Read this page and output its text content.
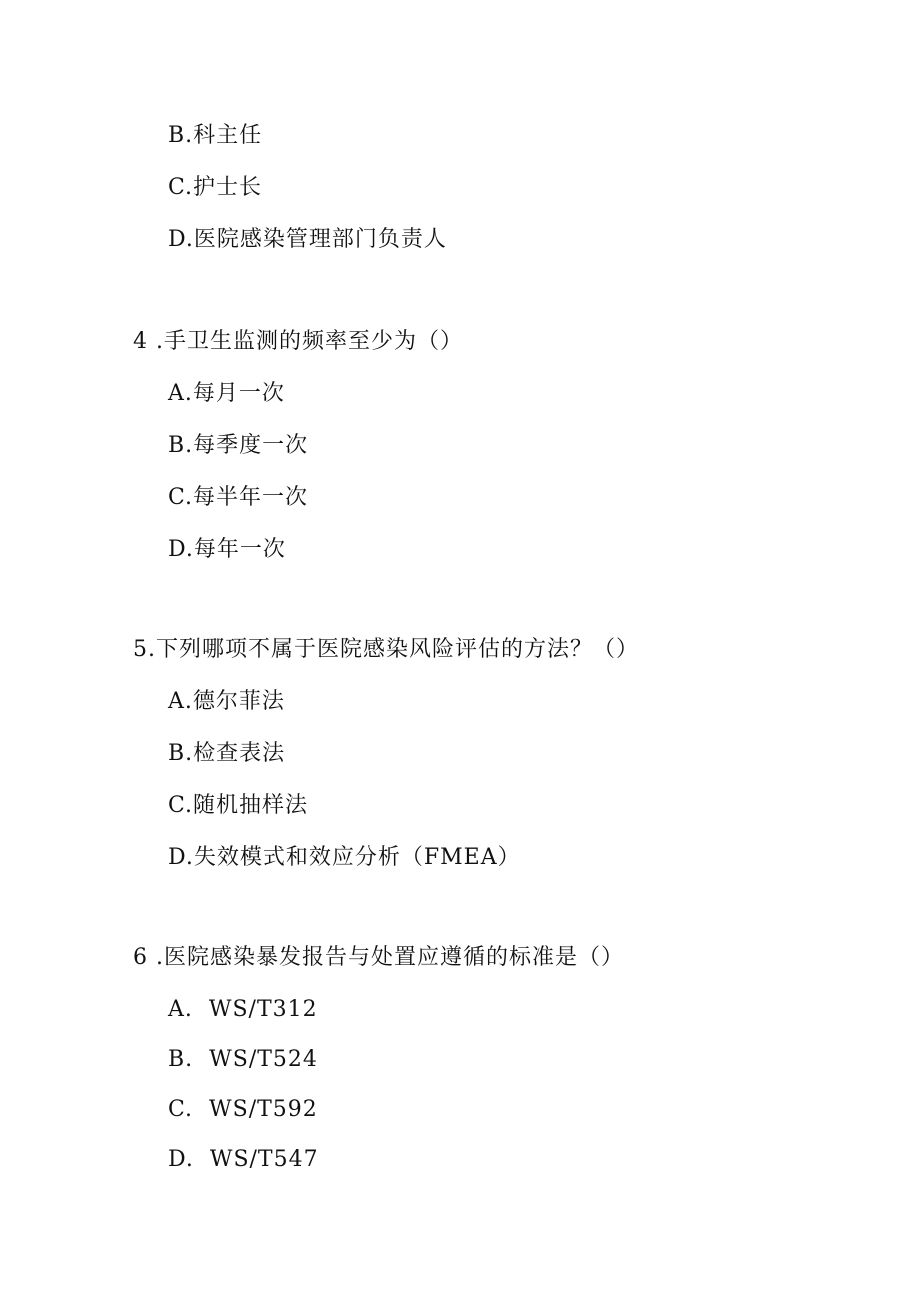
B.科主任
C.护士长
D.医院感染管理部门负责人
4 .手卫生监测的频率至少为（）
A.每月一次
B.每季度一次
C.每半年一次
D.每年一次
5.下列哪项不属于医院感染风险评估的方法？（）
A.德尔菲法
B.检查表法
C.随机抽样法
D.失效模式和效应分析（FMEA）
6 .医院感染暴发报告与处置应遵循的标准是（）
A.  WS/T312
B.  WS/T524
C.  WS/T592
D.  WS/T547
